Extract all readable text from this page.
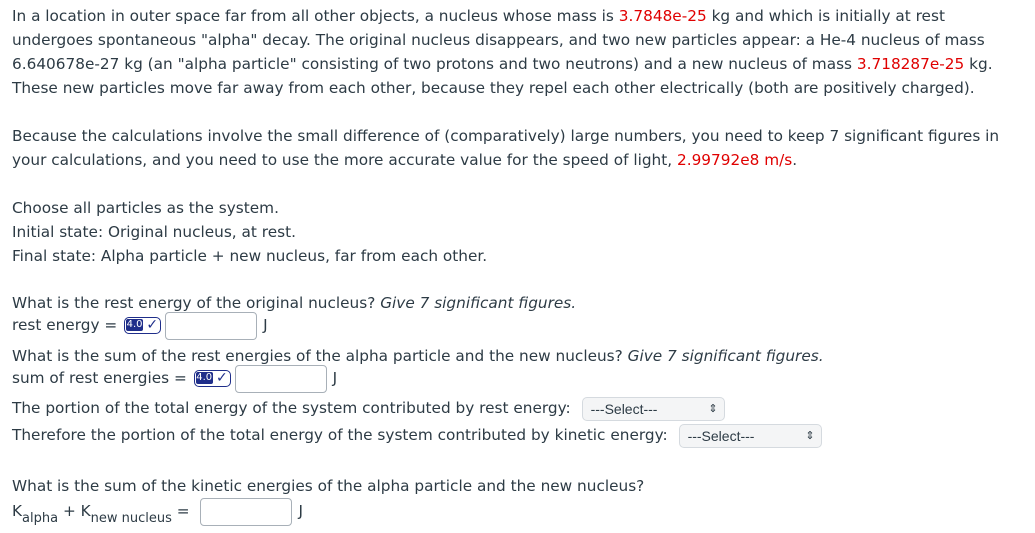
In a location in outer space far from all other objects, a nucleus whose mass is 3.7848e-25 kg and which is initially at rest
undergoes spontaneous "alpha" decay. The original nucleus disappears, and two new particles appear: a He-4 nucleus of mass
6.640678e-27 kg (an "alpha particle" consisting of two protons and two neutrons) and a new nucleus of mass 3.718287e-25 kg.
These new particles move far away from each other, because they repel each other electrically (both are positively charged).
Because the calculations involve the small difference of (comparatively) large numbers, you need to keep 7 significant figures in
your calculations, and you need to use the more accurate value for the speed of light, 2.99792e8 m/s.
Choose all particles as the system.
Initial state: Original nucleus, at rest.
Final state: Alpha particle + new nucleus, far from each other.
What is the rest energy of the original nucleus? Give 7 significant figures.
rest energy = 4.0 ✓	J
What is the sum of the rest energies of the alpha particle and the new nucleus? Give 7 significant figures.
sum of rest energies = 4.0 ✓	J
The portion of the total energy of the system contributed by rest energy: ---Select---	⇕
Therefore the portion of the total energy of the system contributed by kinetic energy: ---Select---	⇕
What is the sum of the kinetic energies of the alpha particle and the new nucleus?
$K_{alpha} + K_{new nucleus}$ =	J
